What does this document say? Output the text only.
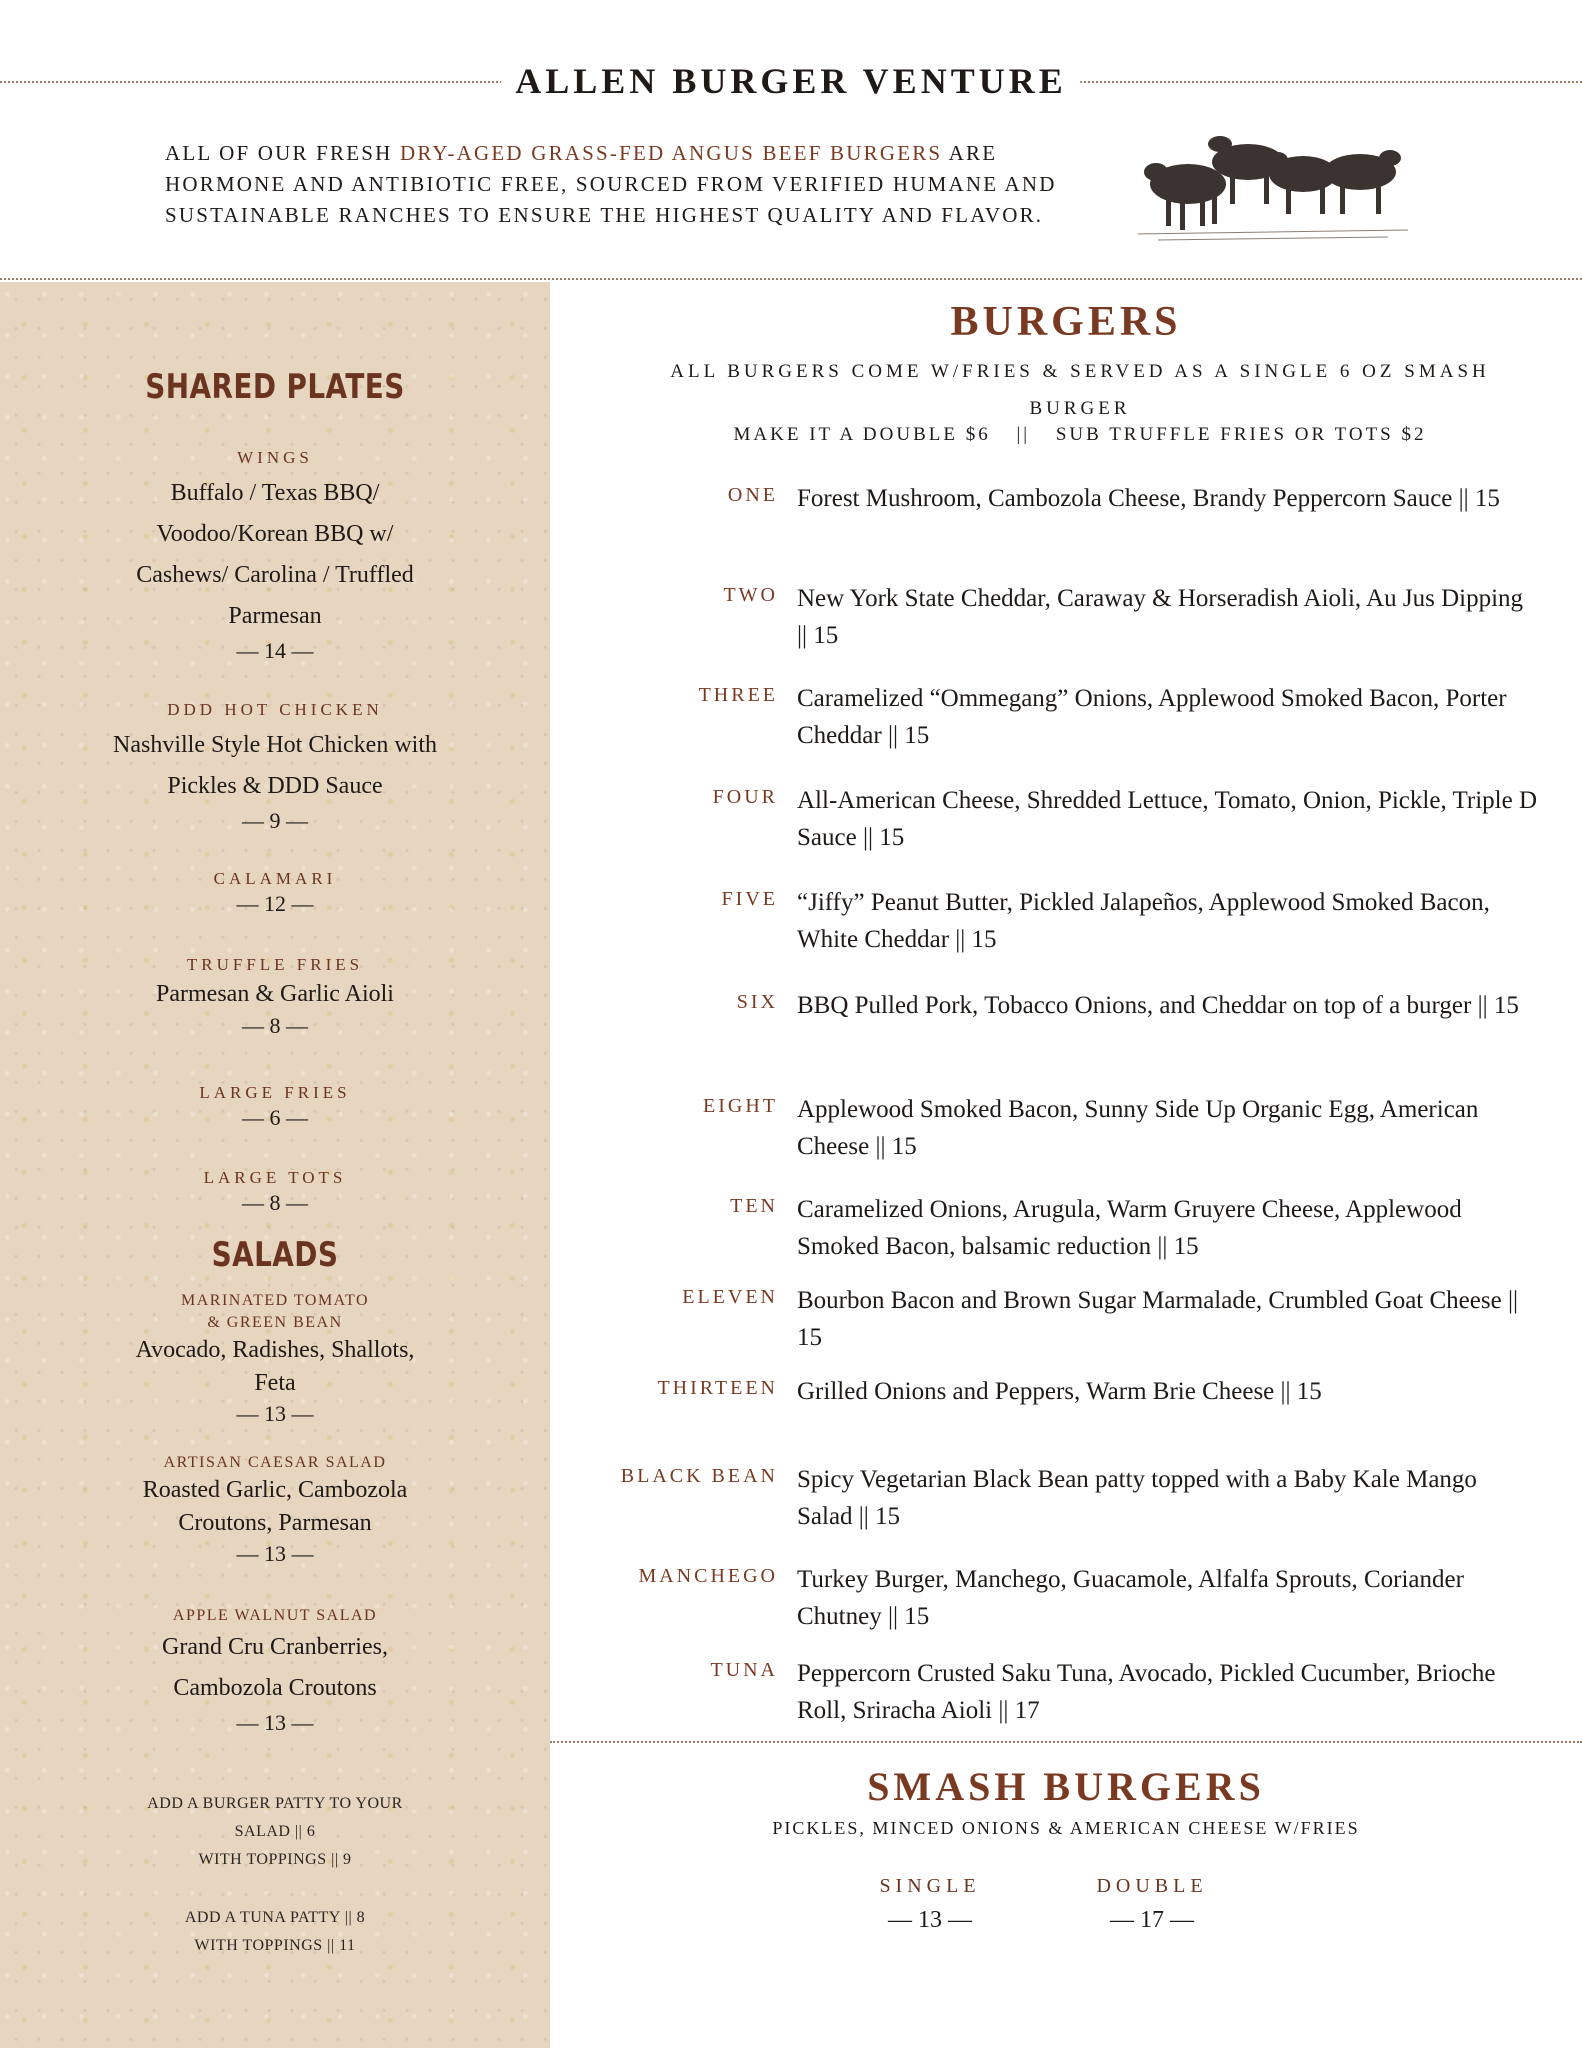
ALLEN BURGER VENTURE
ALL OF OUR FRESH DRY-AGED GRASS-FED ANGUS BEEF BURGERS ARE HORMONE AND ANTIBIOTIC FREE, SOURCED FROM VERIFIED HUMANE AND SUSTAINABLE RANCHES TO ENSURE THE HIGHEST QUALITY AND FLAVOR.
SHARED PLATES
WINGS
Buffalo / Texas BBQ/ Voodoo/Korean BBQ w/ Cashews/ Carolina / Truffled Parmesan
— 14 —
DDD HOT CHICKEN
Nashville Style Hot Chicken with Pickles & DDD Sauce
— 9 —
CALAMARI
— 12 —
TRUFFLE FRIES
Parmesan & Garlic Aioli
— 8 —
LARGE FRIES
— 6 —
LARGE TOTS
— 8 —
SALADS
MARINATED TOMATO
& GREEN BEAN
Avocado, Radishes, Shallots, Feta
— 13 —
ARTISAN CAESAR SALAD
Roasted Garlic, Cambozola Croutons, Parmesan
— 13 —
APPLE WALNUT SALAD
Grand Cru Cranberries, Cambozola Croutons
— 13 —
ADD A BURGER PATTY TO YOUR
SALAD || 6
WITH TOPPINGS || 9
ADD A TUNA PATTY || 8
WITH TOPPINGS || 11
BURGERS
ALL BURGERS COME W/FRIES & SERVED AS A SINGLE 6 OZ SMASH BURGER
MAKE IT A DOUBLE $6 || SUB TRUFFLE FRIES OR TOTS $2
ONE Forest Mushroom, Cambozola Cheese, Brandy Peppercorn Sauce || 15
TWO New York State Cheddar, Caraway & Horseradish Aioli, Au Jus Dipping || 15
THREE Caramelized “Ommegang” Onions, Applewood Smoked Bacon, Porter Cheddar || 15
FOUR All-American Cheese, Shredded Lettuce, Tomato, Onion, Pickle, Triple D Sauce || 15
FIVE “Jiffy” Peanut Butter, Pickled Jalapeños, Applewood Smoked Bacon, White Cheddar || 15
SIX BBQ Pulled Pork, Tobacco Onions, and Cheddar on top of a burger || 15
EIGHT Applewood Smoked Bacon, Sunny Side Up Organic Egg, American Cheese || 15
TEN Caramelized Onions, Arugula, Warm Gruyere Cheese, Applewood Smoked Bacon, balsamic reduction || 15
ELEVEN Bourbon Bacon and Brown Sugar Marmalade, Crumbled Goat Cheese || 15
THIRTEEN Grilled Onions and Peppers, Warm Brie Cheese || 15
BLACK BEAN Spicy Vegetarian Black Bean patty topped with a Baby Kale Mango Salad || 15
MANCHEGO Turkey Burger, Manchego, Guacamole, Alfalfa Sprouts, Coriander Chutney || 15
TUNA Peppercorn Crusted Saku Tuna, Avocado, Pickled Cucumber, Brioche Roll, Sriracha Aioli || 17
SMASH BURGERS
PICKLES, MINCED ONIONS & AMERICAN CHEESE W/FRIES
SINGLE
— 13 —
DOUBLE
— 17 —
